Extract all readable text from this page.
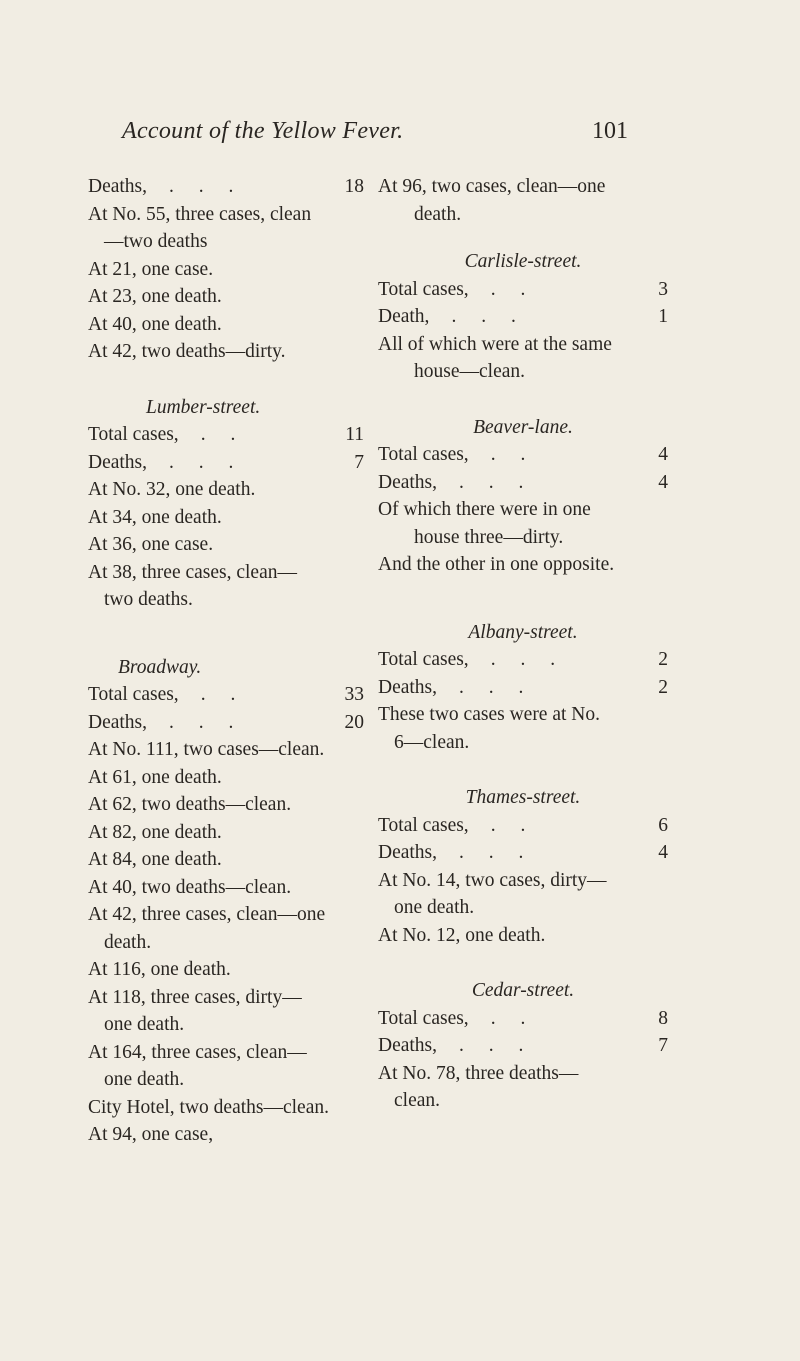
Account of the Yellow Fever.	101
Deaths,	. . .	18
At No. 55, three cases, clean
—two deaths
At 21, one case.
At 23, one death.
At 40, one death.
At 42, two deaths—dirty.
Lumber-street.
Total cases,	. .	11
Deaths,	. . .	7
At No. 32, one death.
At 34, one death.
At 36, one case.
At 38, three cases, clean—
two deaths.
Broadway.
Total cases,	. .	33
Deaths,	. . .	20
At No. 111, two cases—clean.
At 61, one death.
At 62, two deaths—clean.
At 82, one death.
At 84, one death.
At 40, two deaths—clean.
At 42, three cases, clean—one
death.
At 116, one death.
At 118, three cases, dirty—
one death.
At 164, three cases, clean—
one death.
City Hotel, two deaths—clean.
At 94, one case,
At 96, two cases, clean—one
death.
Carlisle-street.
Total cases,	. .	3
Death,	. . .	1
All of which were at the same
house—clean.
Beaver-lane.
Total cases,	. .	4
Deaths,	. . .	4
Of which there were in one
house three—dirty.
And the other in one opposite.
Albany-street.
Total cases,	. . .	2
Deaths,	. . .	2
These two cases were at No.
6—clean.
Thames-street.
Total cases,	. .	6
Deaths,	. . .	4
At No. 14, two cases, dirty—
one death.
At No. 12, one death.
Cedar-street.
Total cases,	. .	8
Deaths,	. . .	7
At No. 78, three deaths—
clean.
